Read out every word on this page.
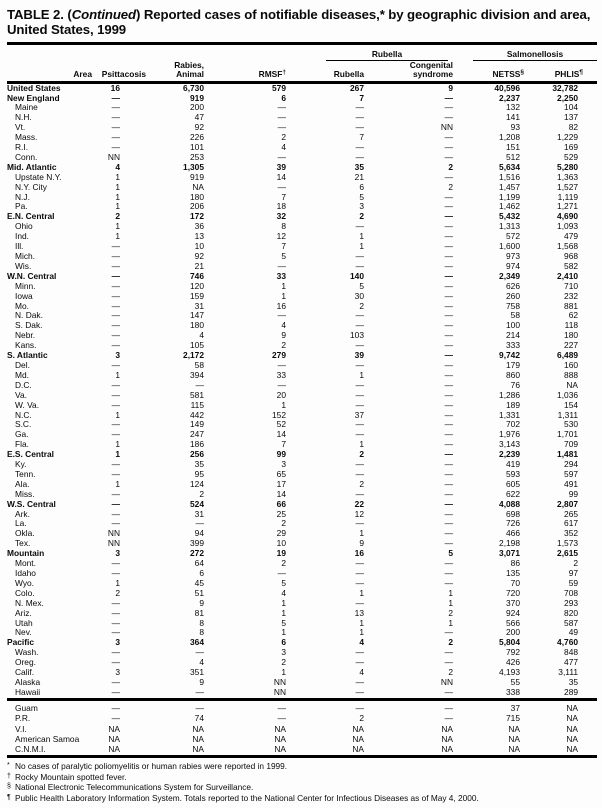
TABLE 2. (Continued) Reported cases of notifiable diseases,* by geographic division and area, United States, 1999

				Rubella		Salmonellosis	

Area	Psittacosis

Rabies,
Animal	RMSF†	Rubella

Congenital
syndrome	NETSS§	PHLIS¶

United States	16	6,730	579	267	9	40,596	32,782
New England	—	919	6	7	—	2,237	2,250
Maine	—	200	—	—	—	132	104
N.H.	—	47	—	—	—	141	137
Vt.	—	92	—	—	NN	93	82
Mass.	—	226	2	7	—	1,208	1,229
R.I.	—	101	4	—	—	151	169
Conn.	NN	253	—	—	—	512	529
Mid. Atlantic	4	1,305	39	35	2	5,634	5,280
Upstate N.Y.	1	919	14	21	—	1,516	1,363
N.Y. City	1	NA	—	6	2	1,457	1,527
N.J.	1	180	7	5	—	1,199	1,119
Pa.	1	206	18	3	—	1,462	1,271
E.N. Central	2	172	32	2	—	5,432	4,690
Ohio	1	36	8	—	—	1,313	1,093
Ind.	1	13	12	1	—	572	479
Ill.	—	10	7	1	—	1,600	1,568
Mich.	—	92	5	—	—	973	968
Wis.	—	21	—	—	—	974	582
W.N. Central	—	746	33	140	—	2,349	2,410
Minn.	—	120	1	5	—	626	710
Iowa	—	159	1	30	—	260	232
Mo.	—	31	16	2	—	758	881
N. Dak.	—	147	—	—	—	58	62
S. Dak.	—	180	4	—	—	100	118
Nebr.	—	4	9	103	—	214	180
Kans.	—	105	2	—	—	333	227
S. Atlantic	3	2,172	279	39	—	9,742	6,489
Del.	—	58	—	—	—	179	160
Md.	1	394	33	1	—	860	888
D.C.	—	—	—	—	—	76	NA
Va.	—	581	20	—	—	1,286	1,036
W. Va.	—	115	1	—	—	189	154
N.C.	1	442	152	37	—	1,331	1,311
S.C.	—	149	52	—	—	702	530
Ga.	—	247	14	—	—	1,976	1,701
Fla.	1	186	7	1	—	3,143	709
E.S. Central	1	256	99	2	—	2,239	1,481
Ky.	—	35	3	—	—	419	294
Tenn.	—	95	65	—	—	593	597
Ala.	1	124	17	2	—	605	491
Miss.	—	2	14	—	—	622	99
W.S. Central	—	524	66	22	—	4,088	2,807
Ark.	—	31	25	12	—	698	265
La.	—	—	2	—	—	726	617
Okla.	NN	94	29	1	—	466	352
Tex.	NN	399	10	9	—	2,198	1,573
Mountain	3	272	19	16	5	3,071	2,615
Mont.	—	64	2	—	—	86	2
Idaho	—	6	—	—	—	135	97
Wyo.	1	45	5	—	—	70	59
Colo.	2	51	4	1	1	720	708
N. Mex.	—	9	1	—	1	370	293
Ariz.	—	81	1	13	2	924	820
Utah	—	8	5	1	1	566	587
Nev.	—	8	1	1	—	200	49
Pacific	3	364	6	4	2	5,804	4,760
Wash.	—	—	3	—	—	792	848
Oreg.	—	4	2	—	—	426	477
Calif.	3	351	1	4	2	4,193	3,111
Alaska	—	9	NN	—	NN	55	35
Hawaii	—	—	NN	—	—	338	289
Guam	—	—	—	—	—	37	NA
P.R.	—	74	—	2	—	715	NA
V.I.	NA	NA	NA	NA	NA	NA	NA
American Samoa	NA	NA	NA	NA	NA	NA	NA
C.N.M.I.	NA	NA	NA	NA	NA	NA	NA
* No cases of paralytic poliomyelitis or human rabies were reported in 1999.
† Rocky Mountain spotted fever.
§ National Electronic Telecommunications System for Surveillance.
¶ Public Health Laboratory Information System. Totals reported to the National Center for Infectious Diseases as of May 4, 2000.
